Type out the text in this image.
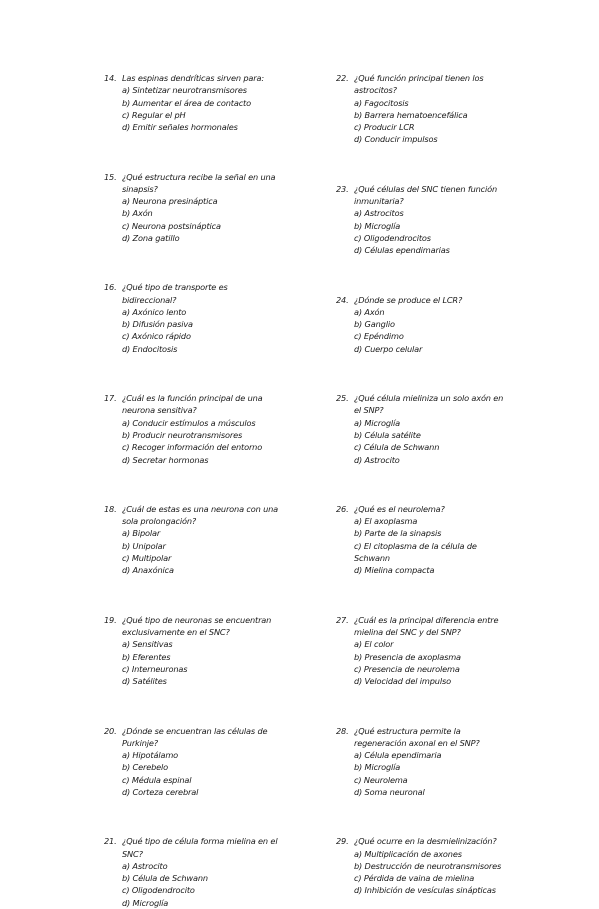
14. Las espinas dendríticas sirven para:
a) Sintetizar neurotransmisores
b) Aumentar el área de contacto
c) Regular el pH
d) Emitir señales hormonales
15. ¿Qué estructura recibe la señal en una
sinapsis?
a) Neurona presináptica
b) Axón
c) Neurona postsináptica
d) Zona gatillo
16. ¿Qué tipo de transporte es
bidireccional?
a) Axónico lento
b) Difusión pasiva
c) Axónico rápido
d) Endocitosis
17. ¿Cuál es la función principal de una
neurona sensitiva?
a) Conducir estímulos a músculos
b) Producir neurotransmisores
c) Recoger información del entorno
d) Secretar hormonas
18. ¿Cuál de estas es una neurona con una
sola prolongación?
a) Bipolar
b) Unipolar
c) Multipolar
d) Anaxónica
19. ¿Qué tipo de neuronas se encuentran
exclusivamente en el SNC?
a) Sensitivas
b) Eferentes
c) Interneuronas
d) Satélites
20. ¿Dónde se encuentran las células de
Purkinje?
a) Hipotálamo
b) Cerebelo
c) Médula espinal
d) Corteza cerebral
21. ¿Qué tipo de célula forma mielina en el
SNC?
a) Astrocito
b) Célula de Schwann
c) Oligodendrocito
d) Microglía
22. ¿Qué función principal tienen los
astrocitos?
a) Fagocitosis
b) Barrera hematoencefálica
c) Producir LCR
d) Conducir impulsos
23. ¿Qué células del SNC tienen función
inmunitaria?
a) Astrocitos
b) Microglía
c) Oligodendrocitos
d) Células ependimarias
24. ¿Dónde se produce el LCR?
a) Axón
b) Ganglio
c) Epéndimo
d) Cuerpo celular
25. ¿Qué célula mieliniza un solo axón en
el SNP?
a) Microglía
b) Célula satélite
c) Célula de Schwann
d) Astrocito
26. ¿Qué es el neurolema?
a) El axoplasma
b) Parte de la sinapsis
c) El citoplasma de la célula de
Schwann
d) Mielina compacta
27. ¿Cuál es la principal diferencia entre
mielina del SNC y del SNP?
a) El color
b) Presencia de axoplasma
c) Presencia de neurolema
d) Velocidad del impulso
28. ¿Qué estructura permite la
regeneración axonal en el SNP?
a) Célula ependimaria
b) Microglía
c) Neurolema
d) Soma neuronal
29. ¿Qué ocurre en la desmielinización?
a) Multiplicación de axones
b) Destrucción de neurotransmisores
c) Pérdida de vaina de mielina
d) Inhibición de vesículas sinápticas
